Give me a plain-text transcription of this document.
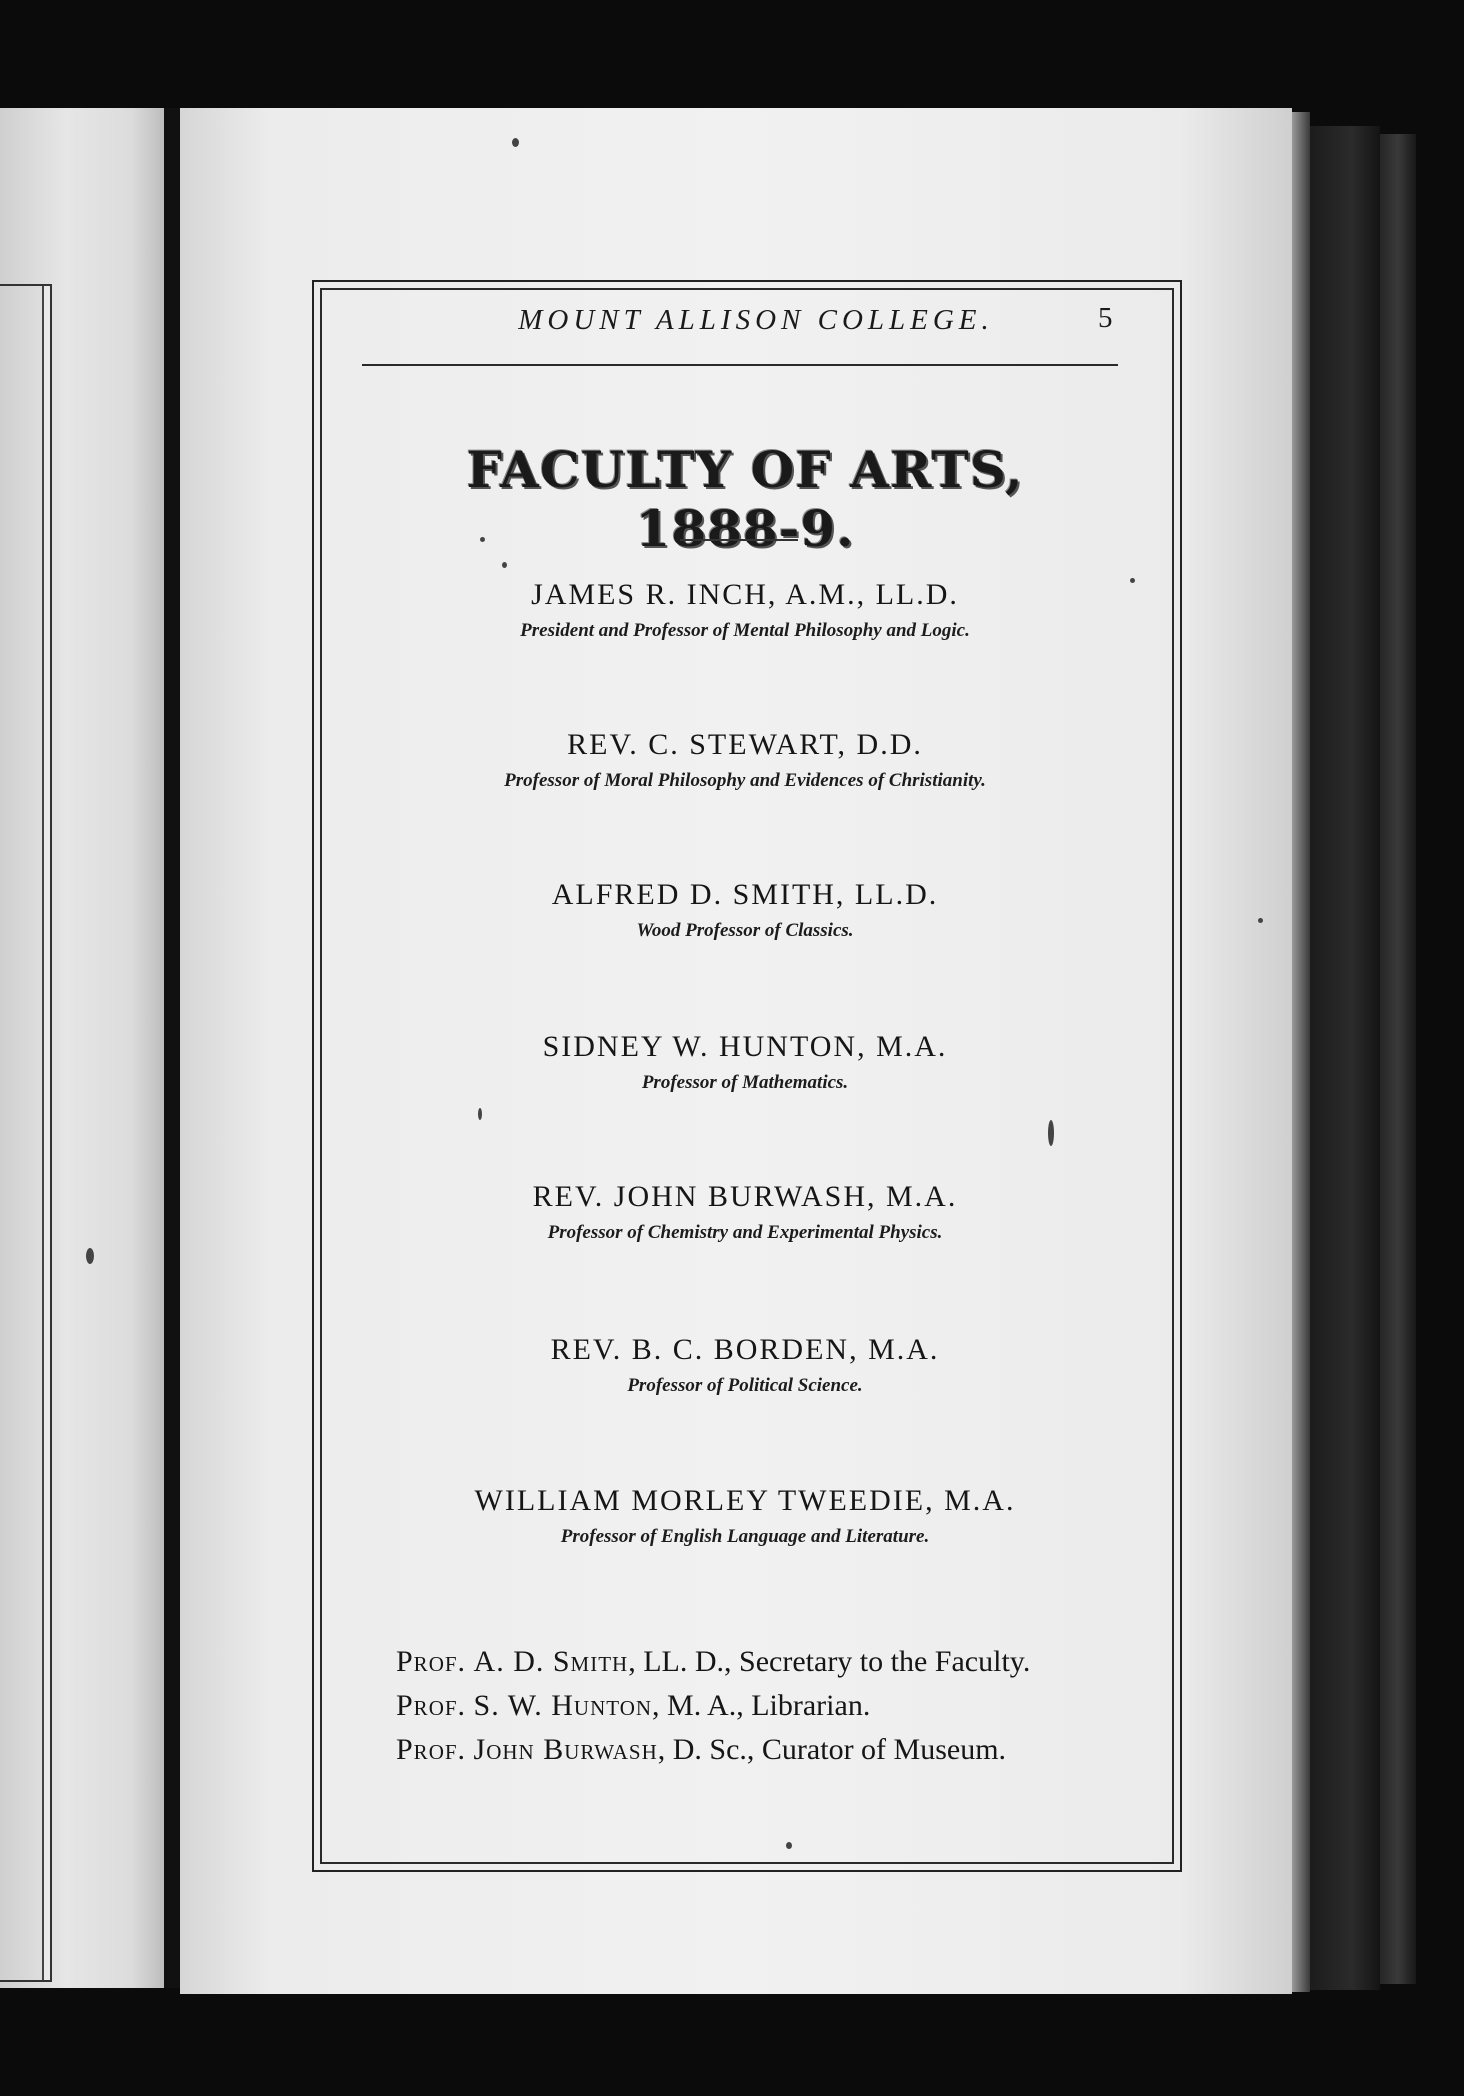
MOUNT ALLISON COLLEGE.	5
FACULTY OF ARTS, 1888-9.
JAMES R. INCH, A.M., LL.D.
President and Professor of Mental Philosophy and Logic.
REV. C. STEWART, D.D.
Professor of Moral Philosophy and Evidences of Christianity.
ALFRED D. SMITH, LL.D.
Wood Professor of Classics.
SIDNEY W. HUNTON, M.A.
Professor of Mathematics.
REV. JOHN BURWASH, M.A.
Professor of Chemistry and Experimental Physics.
REV. B. C. BORDEN, M.A.
Professor of Political Science.
WILLIAM MORLEY TWEEDIE, M.A.
Professor of English Language and Literature.
Prof. A. D. Smith, LL. D., Secretary to the Faculty.
Prof. S. W. Hunton, M. A., Librarian.
Prof. John Burwash, D. Sc., Curator of Museum.
